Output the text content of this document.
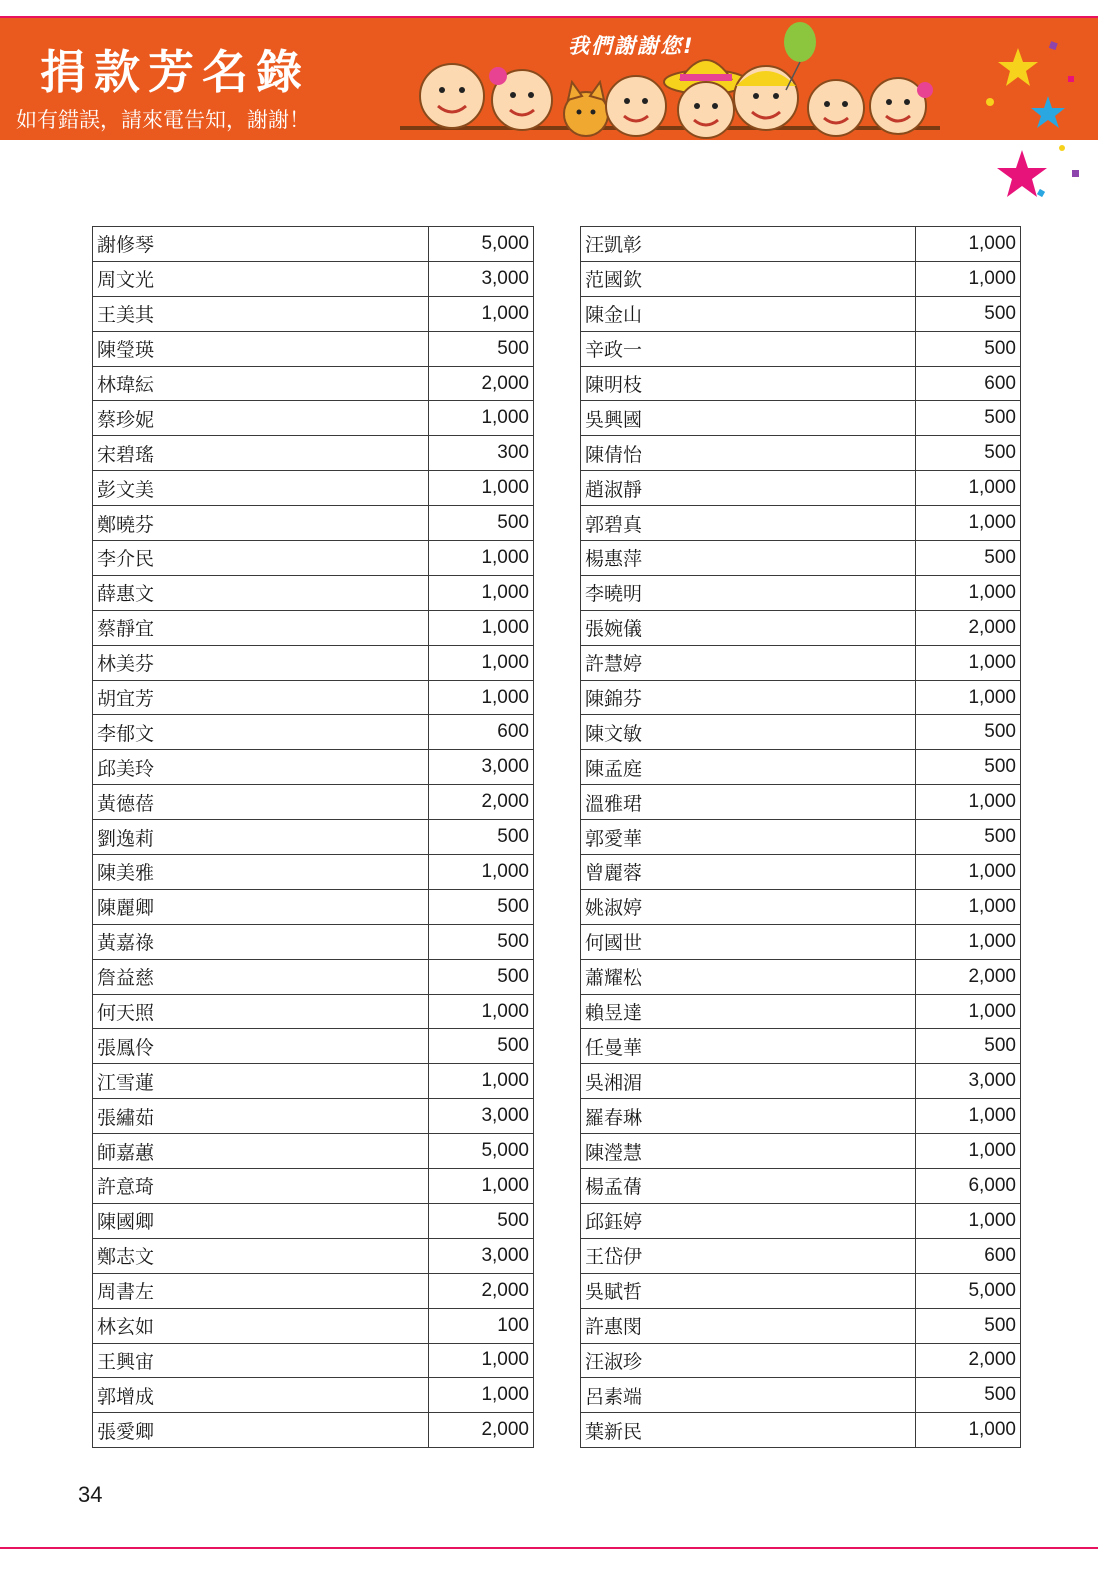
捐款芳名錄
如有錯誤，請來電告知，謝謝！
我們謝謝您!
謝修琴	5,000
周文光	3,000
王美其	1,000
陳瑩瑛	500
林瑋紜	2,000
蔡珍妮	1,000
宋碧瑤	300
彭文美	1,000
鄭曉芬	500
李介民	1,000
薛惠文	1,000
蔡靜宜	1,000
林美芬	1,000
胡宜芳	1,000
李郁文	600
邱美玲	3,000
黃德蓓	2,000
劉逸莉	500
陳美雅	1,000
陳麗卿	500
黃嘉祿	500
詹益慈	500
何天照	1,000
張鳳伶	500
江雪蓮	1,000
張繡茹	3,000
師嘉蕙	5,000
許意琦	1,000
陳國卿	500
鄭志文	3,000
周書左	2,000
林玄如	100
王興宙	1,000
郭增成	1,000
張愛卿	2,000
汪凱彰	1,000
范國欽	1,000
陳金山	500
辛政一	500
陳明枝	600
吳興國	500
陳倩怡	500
趙淑靜	1,000
郭碧真	1,000
楊惠萍	500
李曉明	1,000
張婉儀	2,000
許慧婷	1,000
陳錦芬	1,000
陳文敏	500
陳孟庭	500
溫雅珺	1,000
郭愛華	500
曾麗蓉	1,000
姚淑婷	1,000
何國世	1,000
蕭耀松	2,000
賴昱達	1,000
任曼華	500
吳湘湄	3,000
羅春琳	1,000
陳瀅慧	1,000
楊孟蒨	6,000
邱鈺婷	1,000
王岱伊	600
吳賦哲	5,000
許惠閔	500
汪淑珍	2,000
呂素端	500
葉新民	1,000
34
